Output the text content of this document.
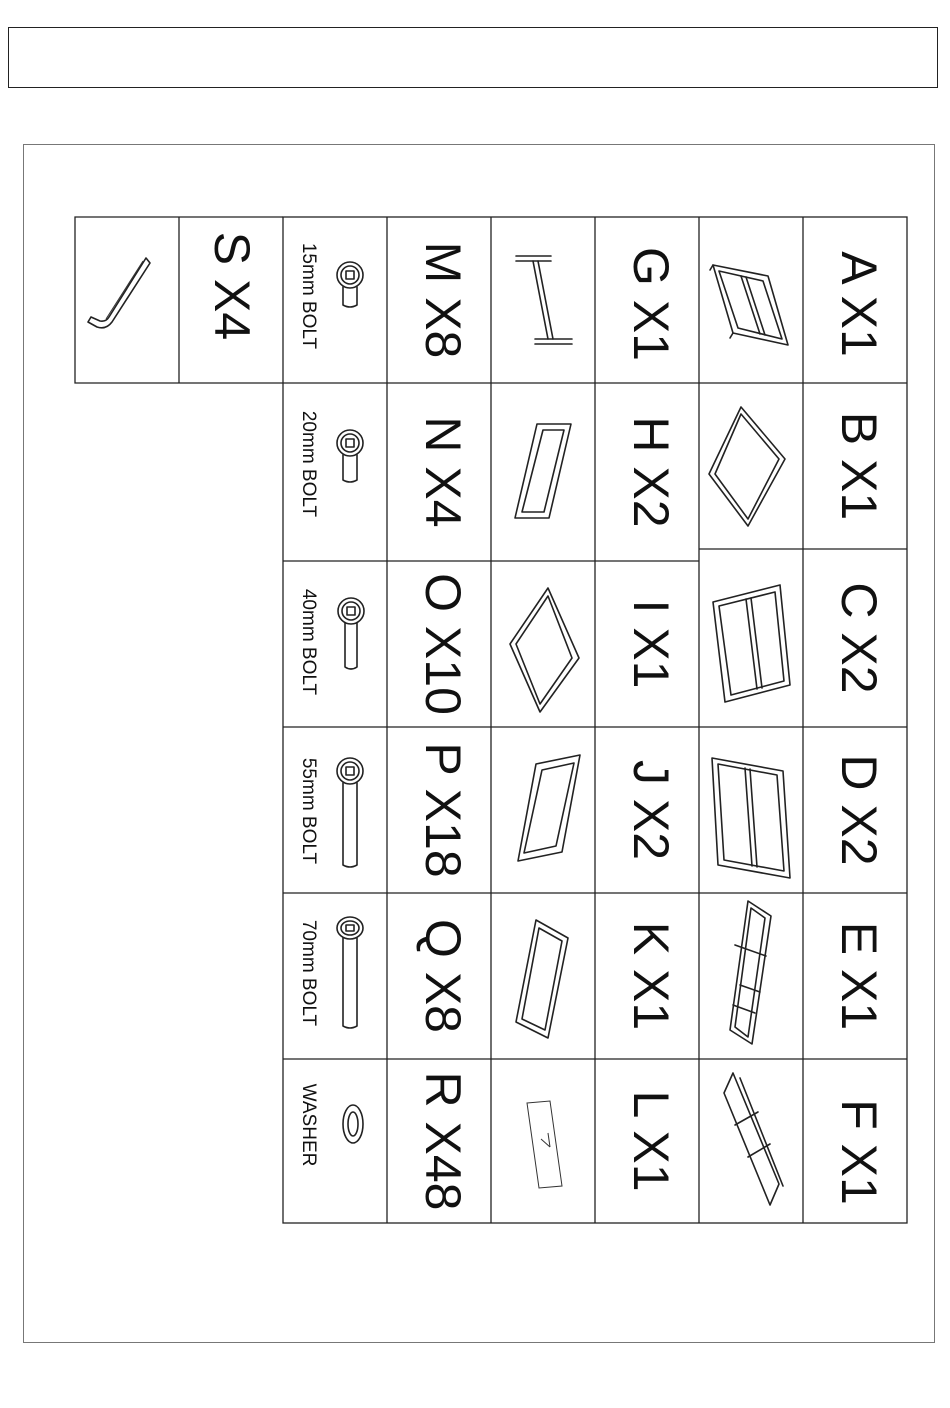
A X1
B X1
C X2
D X2
E X1
F X1
G X1
H X2
I X1
J X2
K X1
L X1
M X8
N X4
O X10
P X18
Q X8
R X48
S X4 15mm BOLT
20mm BOLT
40mm BOLT
55mm BOLT
70mm BOLT
WASHER
